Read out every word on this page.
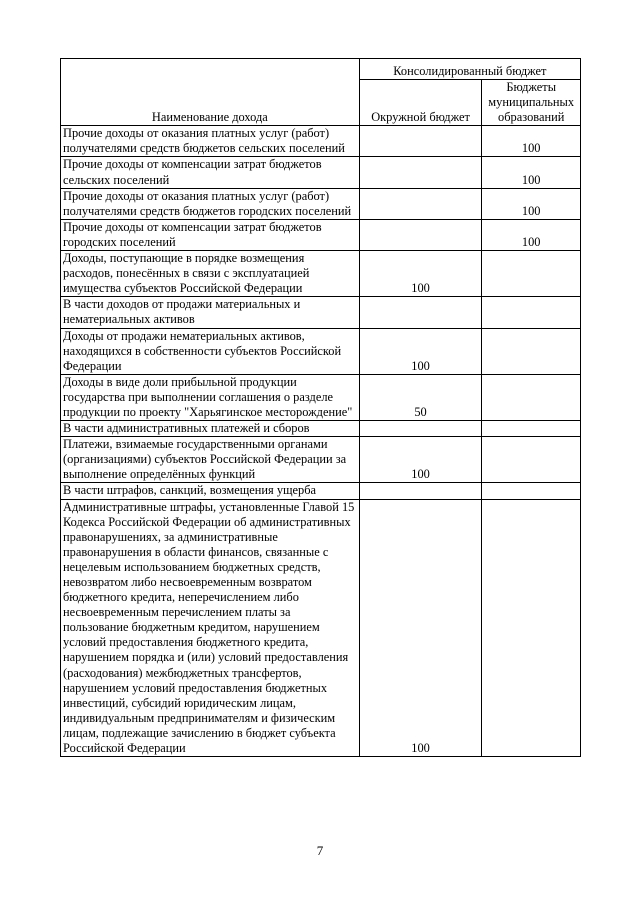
Наименование дохода	Консолидированный бюджет	
	Окружной бюджет	Бюджеты муниципальных образований
Прочие доходы от оказания платных услуг (работ) получателями средств бюджетов сельских поселений		100
Прочие доходы от компенсации затрат бюджетов сельских поселений		100
Прочие доходы от оказания платных услуг (работ) получателями средств бюджетов городских поселений		100
Прочие доходы от компенсации затрат бюджетов городских поселений		100
Доходы, поступающие в порядке возмещения расходов, понесённых в связи с эксплуатацией имущества субъектов Российской Федерации	100	
В части доходов от продажи материальных и нематериальных активов		
Доходы от продажи нематериальных активов, находящихся в собственности субъектов Российской Федерации	100	
Доходы в виде доли прибыльной продукции государства при выполнении соглашения о разделе продукции по проекту "Харьягинское месторождение"	50	
В части административных платежей и сборов		
Платежи, взимаемые государственными органами (организациями) субъектов Российской Федерации за выполнение определённых функций	100	
В части штрафов, санкций, возмещения ущерба		
Административные штрафы, установленные Главой 15 Кодекса Российской Федерации об административных правонарушениях, за административные правонарушения в области финансов, связанные с нецелевым использованием бюджетных средств, невозвратом либо несвоевременным возвратом бюджетного кредита, неперечислением либо несвоевременным перечислением платы за пользование бюджетным кредитом, нарушением условий предоставления бюджетного кредита, нарушением порядка и (или) условий предоставления (расходования) межбюджетных трансфертов, нарушением условий предоставления бюджетных инвестиций, субсидий юридическим лицам, индивидуальным предпринимателям и физическим лицам, подлежащие зачислению в бюджет субъекта Российской Федерации	100	
7
